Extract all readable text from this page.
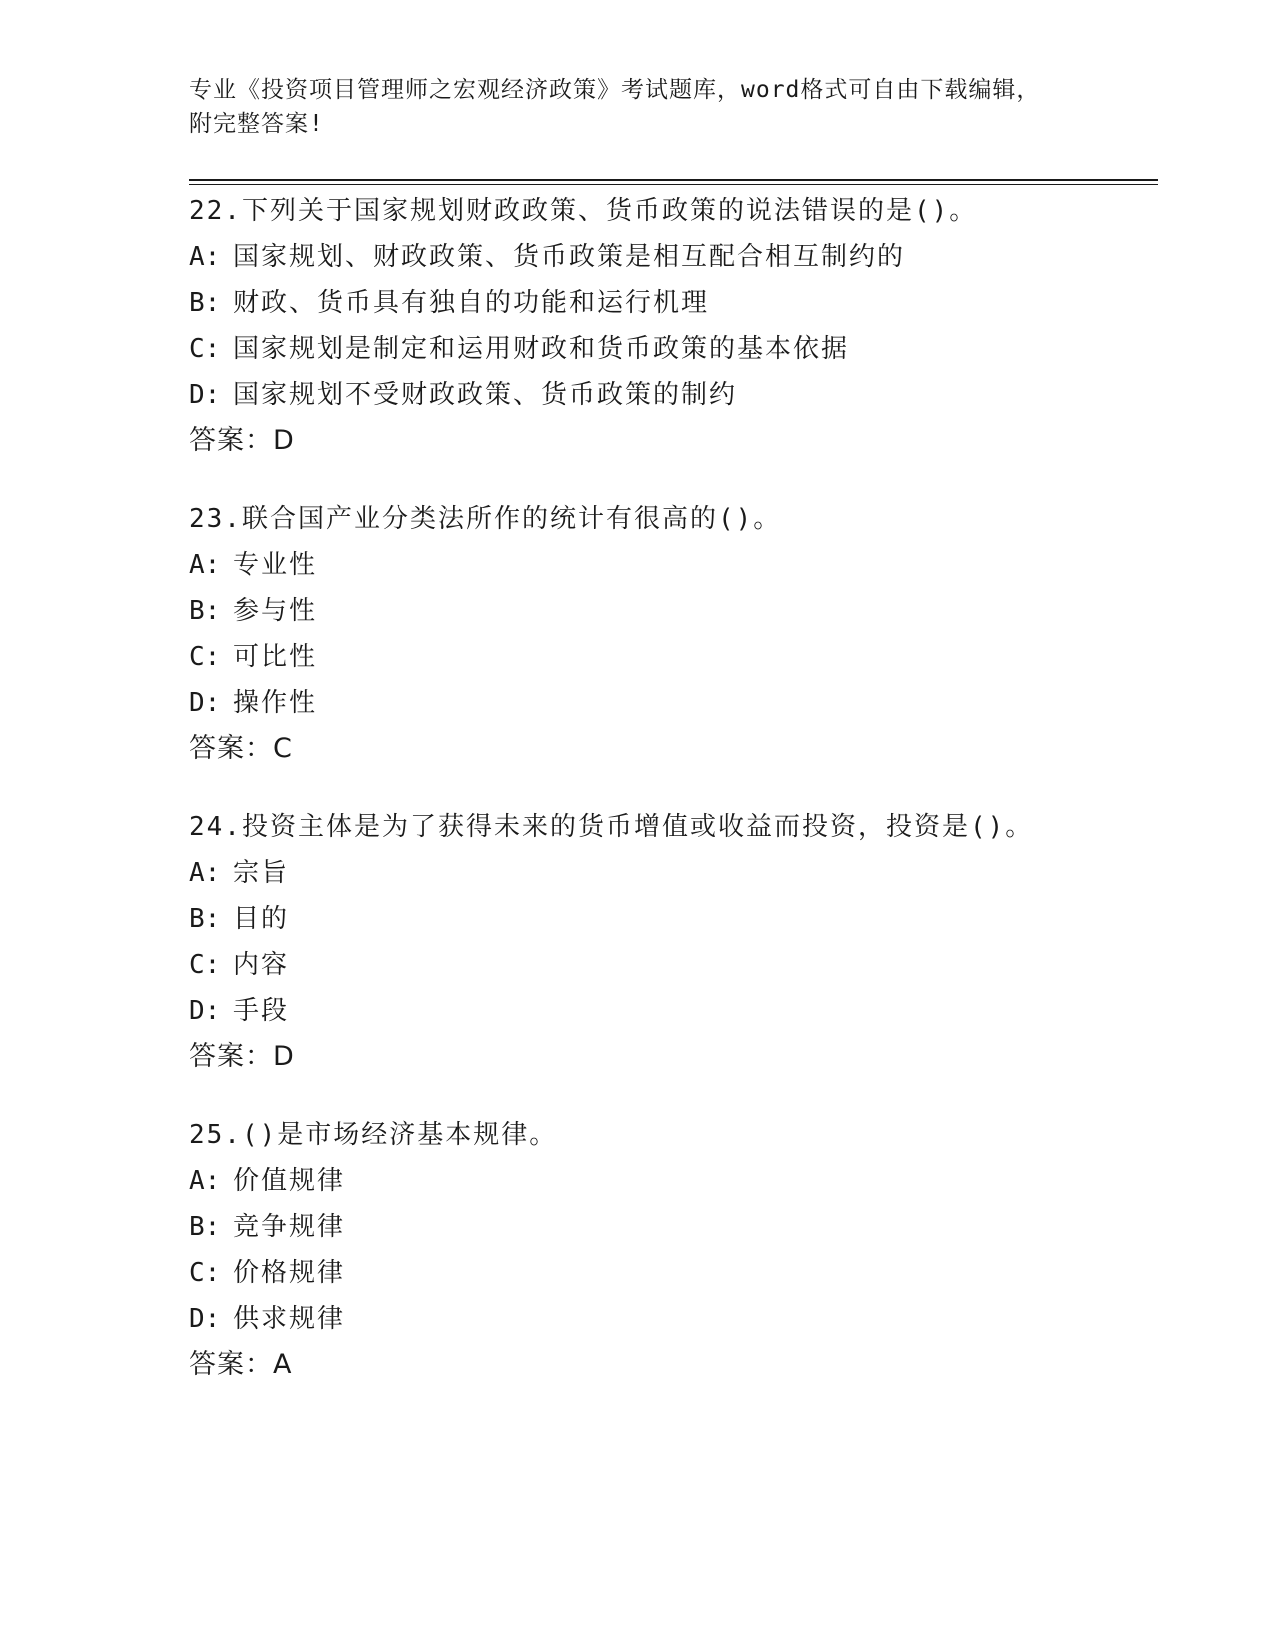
专业《投资项目管理师之宏观经济政策》考试题库，word格式可自由下载编辑，
附完整答案!
22.下列关于国家规划财政政策、货币政策的说法错误的是()。
A: 国家规划、财政政策、货币政策是相互配合相互制约的
B: 财政、货币具有独自的功能和运行机理
C: 国家规划是制定和运用财政和货币政策的基本依据
D: 国家规划不受财政政策、货币政策的制约
答案：D
23.联合国产业分类法所作的统计有很高的()。
A: 专业性
B: 参与性
C: 可比性
D: 操作性
答案：C
24.投资主体是为了获得未来的货币增值或收益而投资，投资是()。
A: 宗旨
B: 目的
C: 内容
D: 手段
答案：D
25.()是市场经济基本规律。
A: 价值规律
B: 竞争规律
C: 价格规律
D: 供求规律
答案：A
